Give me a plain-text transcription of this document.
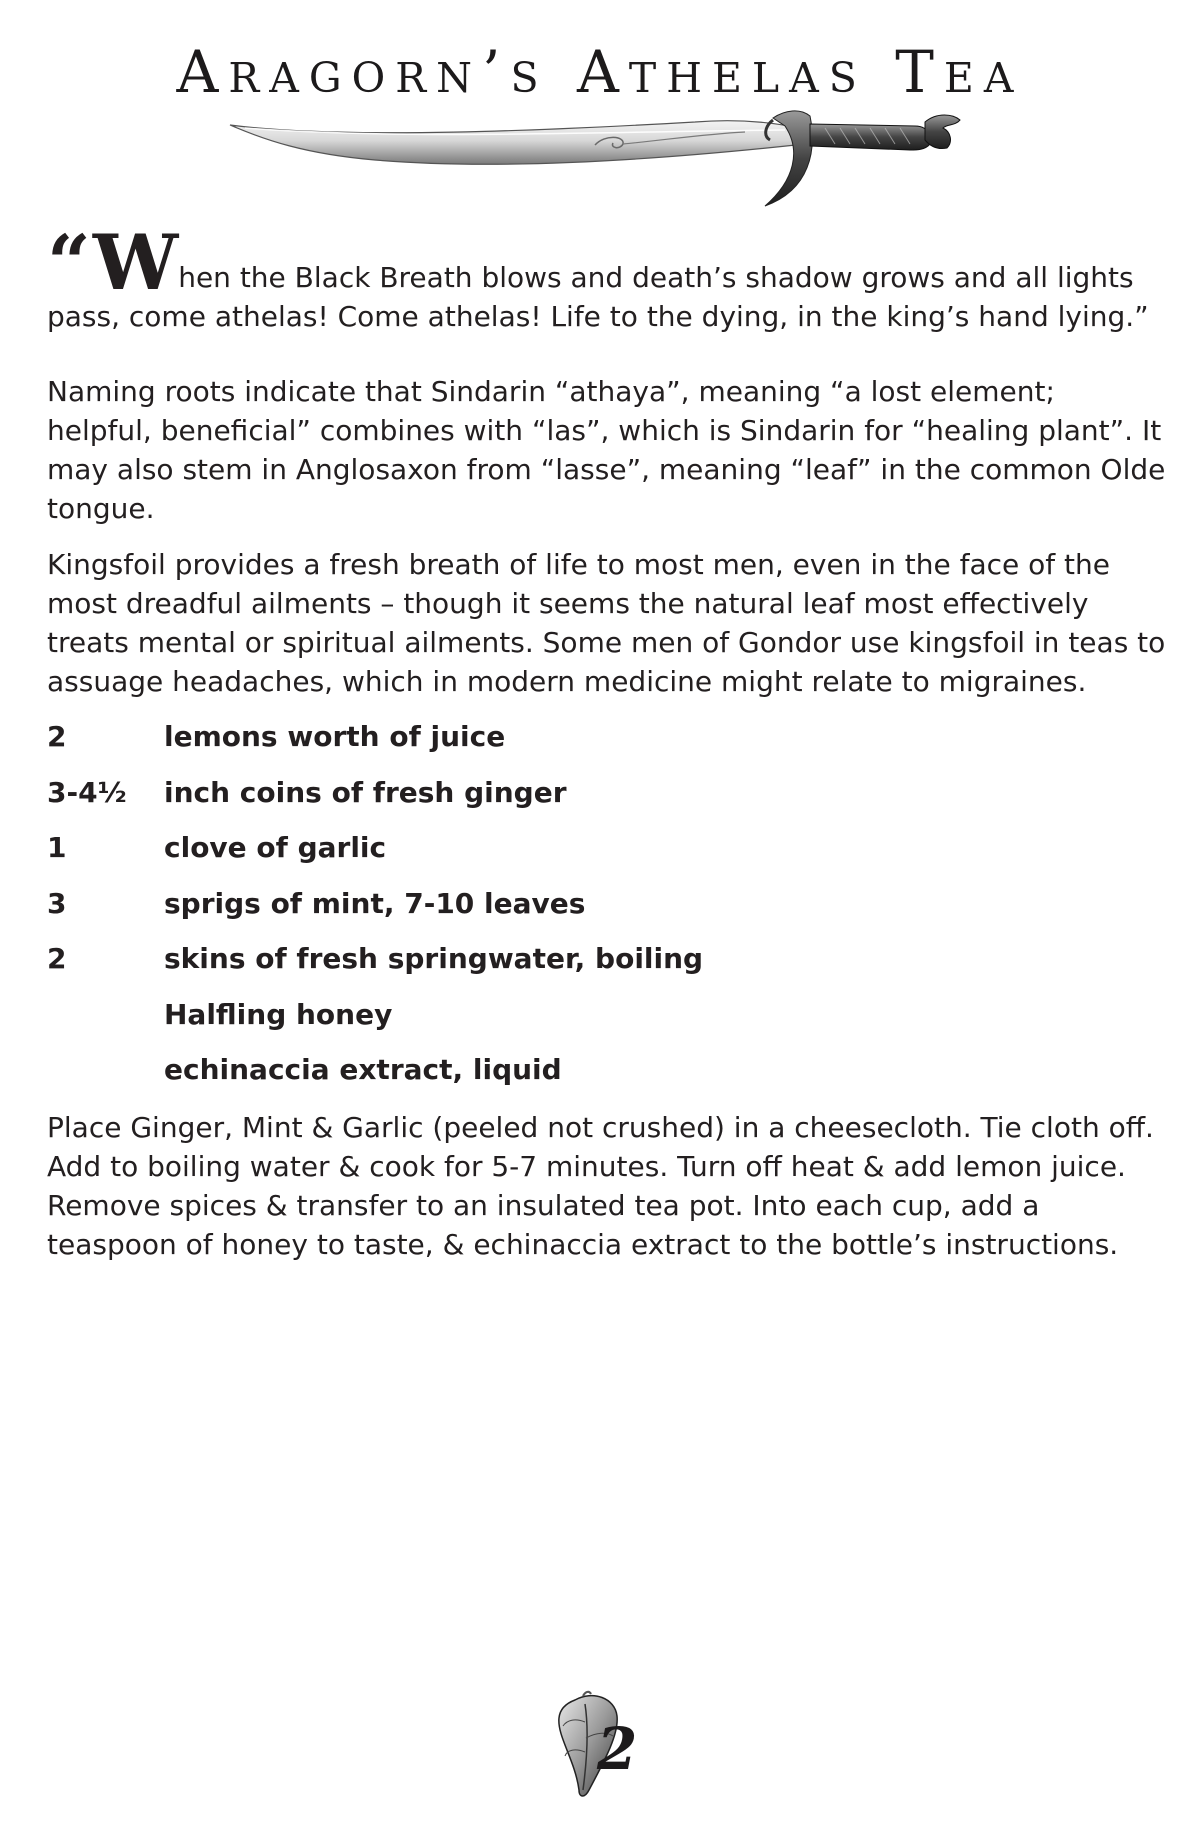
Aragorn’s Athelas Tea

“When the Black Breath blows and death’s shadow grows and all lights pass, come athelas! Come athelas! Life to the dying, in the king’s hand lying.”

Naming roots indicate that Sindarin “athaya”, meaning “a lost element; helpful, beneficial” combines with “las”, which is Sindarin for “healing plant”. It may also stem in Anglosaxon from “lasse”, meaning “leaf” in the common Olde tongue.

Kingsfoil provides a fresh breath of life to most men, even in the face of the most dreadful ailments – though it seems the natural leaf most effectively treats mental or spiritual ailments. Some men of Gondor use kingsfoil in teas to assuage headaches, which in modern medicine might relate to migraines.

2	lemons worth of juice
3-4½ inch coins of fresh ginger
1	clove of garlic
3	sprigs of mint, 7-10 leaves
2	skins of fresh springwater, boiling
Halfling honey
echinaccia extract, liquid

Place Ginger, Mint & Garlic (peeled not crushed) in a cheesecloth. Tie cloth off. Add to boiling water & cook for 5-7 minutes. Turn off heat & add lemon juice. Remove spices & transfer to an insulated tea pot. Into each cup, add a teaspoon of honey to taste, & echinaccia extract to the bottle’s instructions.

2
